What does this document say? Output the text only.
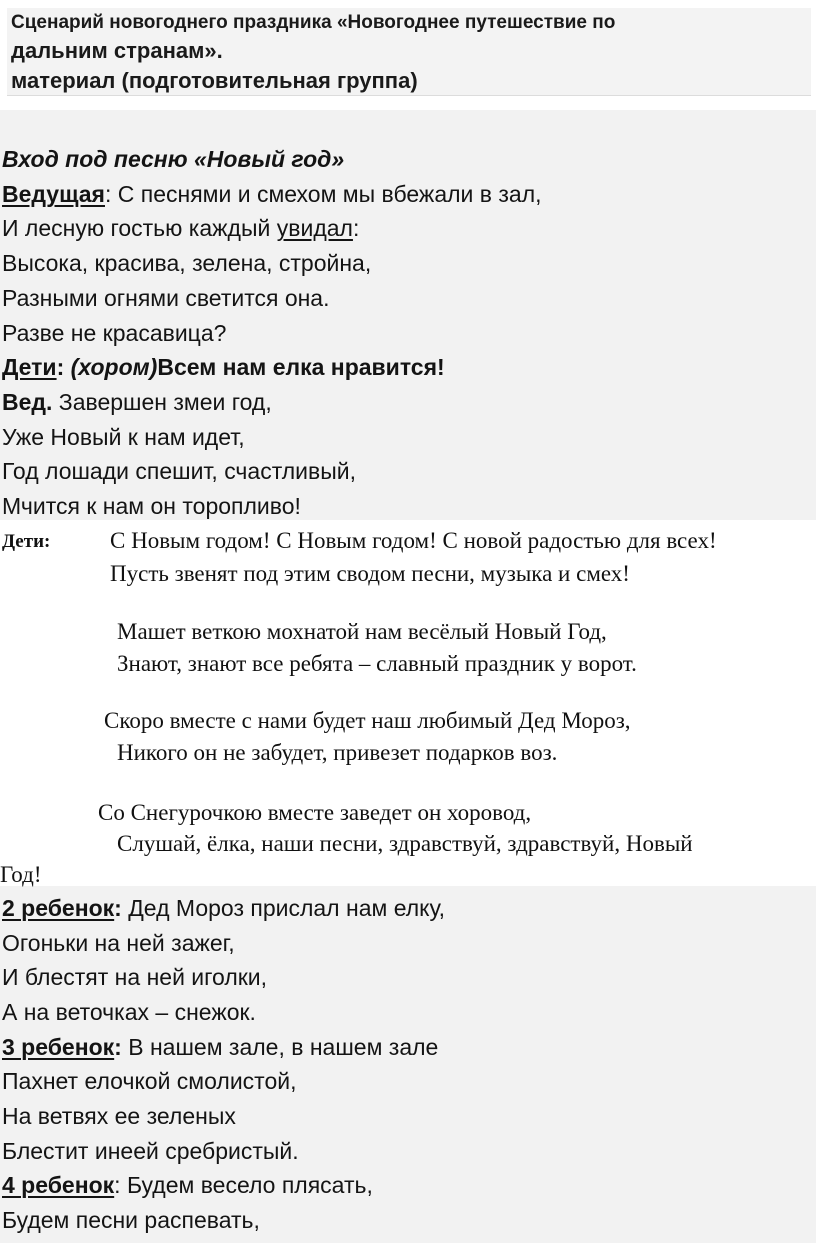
Сценарий новогоднего праздника «Новогоднее путешествие по
дальним странам».
материал (подготовительная группа)
Вход под песню «Новый год»
Ведущая: С песнями и смехом мы вбежали в зал,
И лесную гостью каждый увидал:
Высока, красива, зелена, стройна,
Разными огнями светится она.
Разве не красавица?
Дети: (хором)Всем нам елка нравится!
Вед. Завершен змеи год,
Уже Новый к нам идет,
Год лошади спешит, счастливый,
Мчится к нам он торопливо!
Дети:	С Новым годом! С Новым годом! С новой радостью для всех!
Пусть звенят под этим сводом песни, музыка и смех!
Машет веткою мохнатой нам весёлый Новый Год,
Знают, знают все ребята – славный праздник у ворот.
Скоро вместе с нами будет наш любимый Дед Мороз,
Никого он не забудет, привезет подарков воз.
Со Снегурочкою вместе заведет он хоровод,
Слушай, ёлка, наши песни, здравствуй, здравствуй, Новый
Год!
2 ребенок: Дед Мороз прислал нам елку,
Огоньки на ней зажег,
И блестят на ней иголки,
А на веточках – снежок.
3 ребенок: В нашем зале, в нашем зале
Пахнет елочкой смолистой,
На ветвях ее зеленых
Блестит инеей сребристый.
4 ребенок: Будем весело плясать,
Будем песни распевать,
